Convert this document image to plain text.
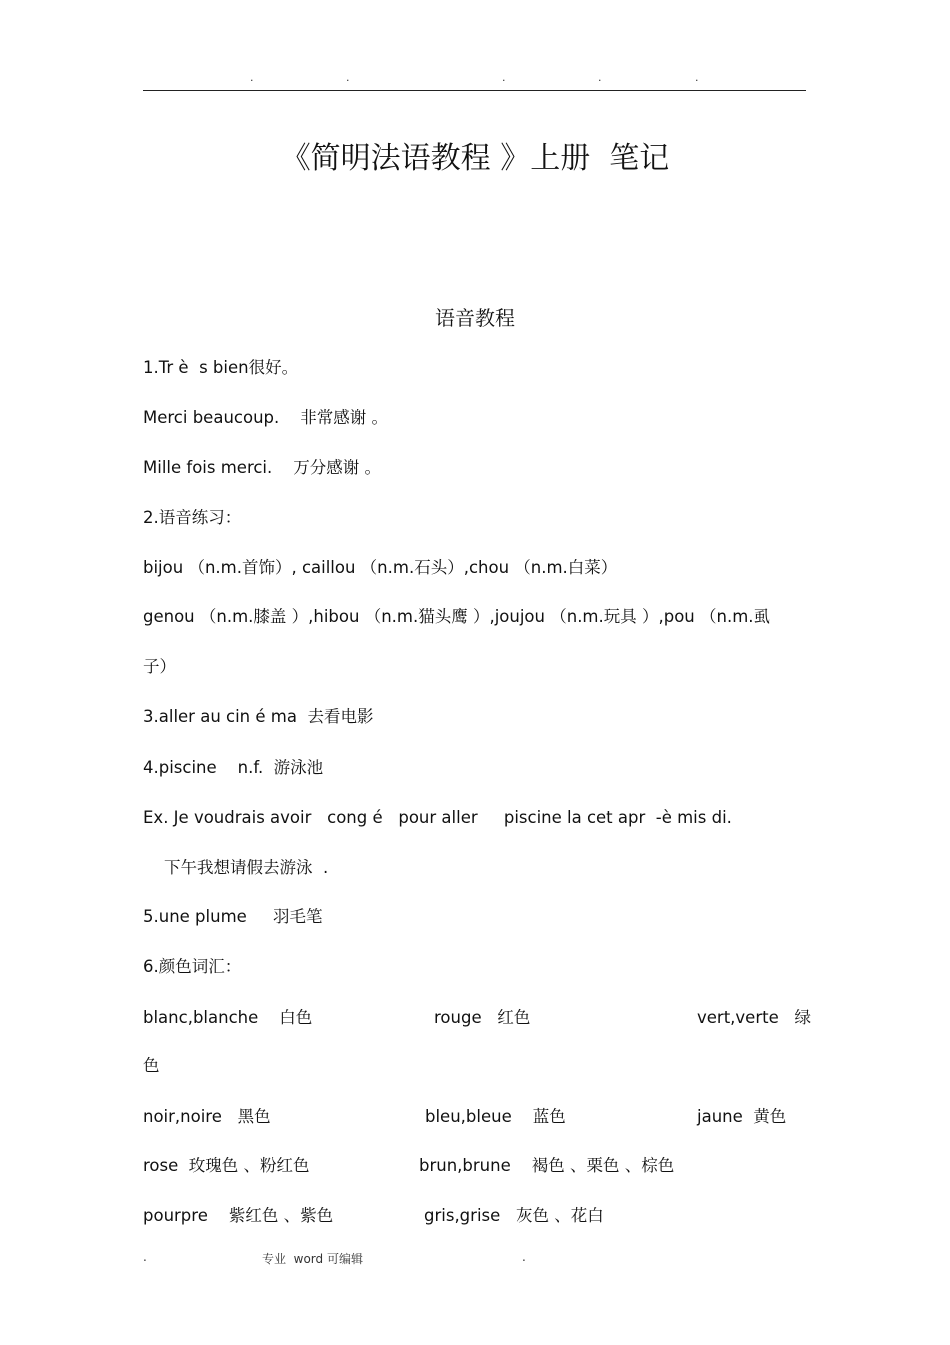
.	.	.	.	.
《简明法语教程 》上册  笔记
语音教程
1.Tr è  s bien很好。
Merci beaucoup.    非常感谢 。
Mille fois merci.    万分感谢 。
2.语音练习：
bijou （n.m.首饰）, caillou （n.m.石头）,chou （n.m.白菜）
genou （n.m.膝盖 ）,hibou （n.m.猫头鹰 ）,joujou （n.m.玩具 ）,pou （n.m.虱
子）
3.aller au cin é ma  去看电影
4.piscine    n.f.  游泳池
Ex. Je voudrais avoir   cong é   pour aller     piscine la cet apr  -è mis di.
下午我想请假去游泳  .
5.une plume     羽毛笔
6.颜色词汇：
blanc,blanche    白色	rouge   红色	vert,verte   绿
色
noir,noire   黑色	bleu,bleue    蓝色	jaune  黄色
rose  玫瑰色 、粉红色	brun,brune    褐色 、栗色 、棕色
pourpre    紫红色 、紫色	gris,grise   灰色 、花白
.	专业  word 可编辑	.
